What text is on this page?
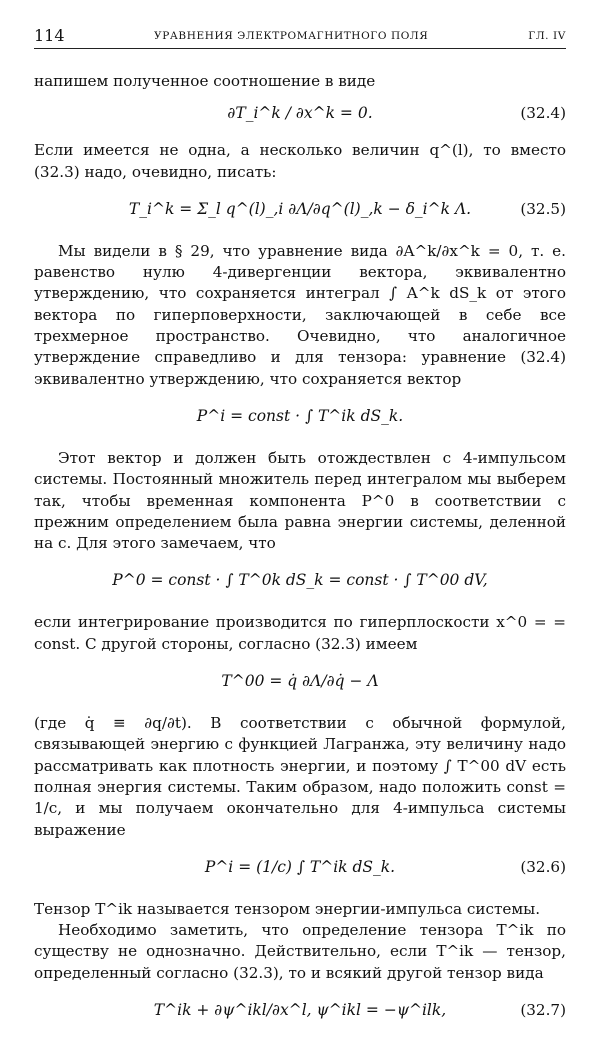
114	УРАВНЕНИЯ ЭЛЕКТРОМАГНИТНОГО ПОЛЯ	ГЛ. IV

напишем полученное соотношение в виде

∂T_i^k / ∂x^k = 0.	(32.4)

Если имеется не одна, а несколько величин q^(l), то вместо (32.3) надо, очевидно, писать:

T_i^k = Σ_l q^(l)_,i ∂Λ/∂q^(l)_,k − δ_i^k Λ.	(32.5)

Мы видели в § 29, что уравнение вида ∂A^k/∂x^k = 0, т. е. равенство нулю 4-дивергенции вектора, эквивалентно утверждению, что сохраняется интеграл ∫ A^k dS_k от этого вектора по гиперповерхности, заключающей в себе все трехмерное пространство. Очевидно, что аналогичное утверждение справедливо и для тензора: уравнение (32.4) эквивалентно утверждению, что сохраняется вектор

P^i = const · ∫ T^ik dS_k.

Этот вектор и должен быть отождествлен с 4-импульсом системы. Постоянный множитель перед интегралом мы выберем так, чтобы временная компонента P^0 в соответствии с прежним определением была равна энергии системы, деленной на c. Для этого замечаем, что

P^0 = const · ∫ T^0k dS_k = const · ∫ T^00 dV,

если интегрирование производится по гиперплоскости x^0 = = const. С другой стороны, согласно (32.3) имеем

T^00 = q̇ ∂Λ/∂q̇ − Λ

(где q̇ ≡ ∂q/∂t). В соответствии с обычной формулой, связывающей энергию с функцией Лагранжа, эту величину надо рассматривать как плотность энергии, и поэтому ∫ T^00 dV есть полная энергия системы. Таким образом, надо положить const = 1/c, и мы получаем окончательно для 4-импульса системы выражение

P^i = (1/c) ∫ T^ik dS_k.	(32.6)

Тензор T^ik называется тензором энергии-импульса системы.

Необходимо заметить, что определение тензора T^ik по существу не однозначно. Действительно, если T^ik — тензор, определенный согласно (32.3), то и всякий другой тензор вида

T^ik + ∂ψ^ikl/∂x^l, ψ^ikl = −ψ^ilk,	(32.7)
